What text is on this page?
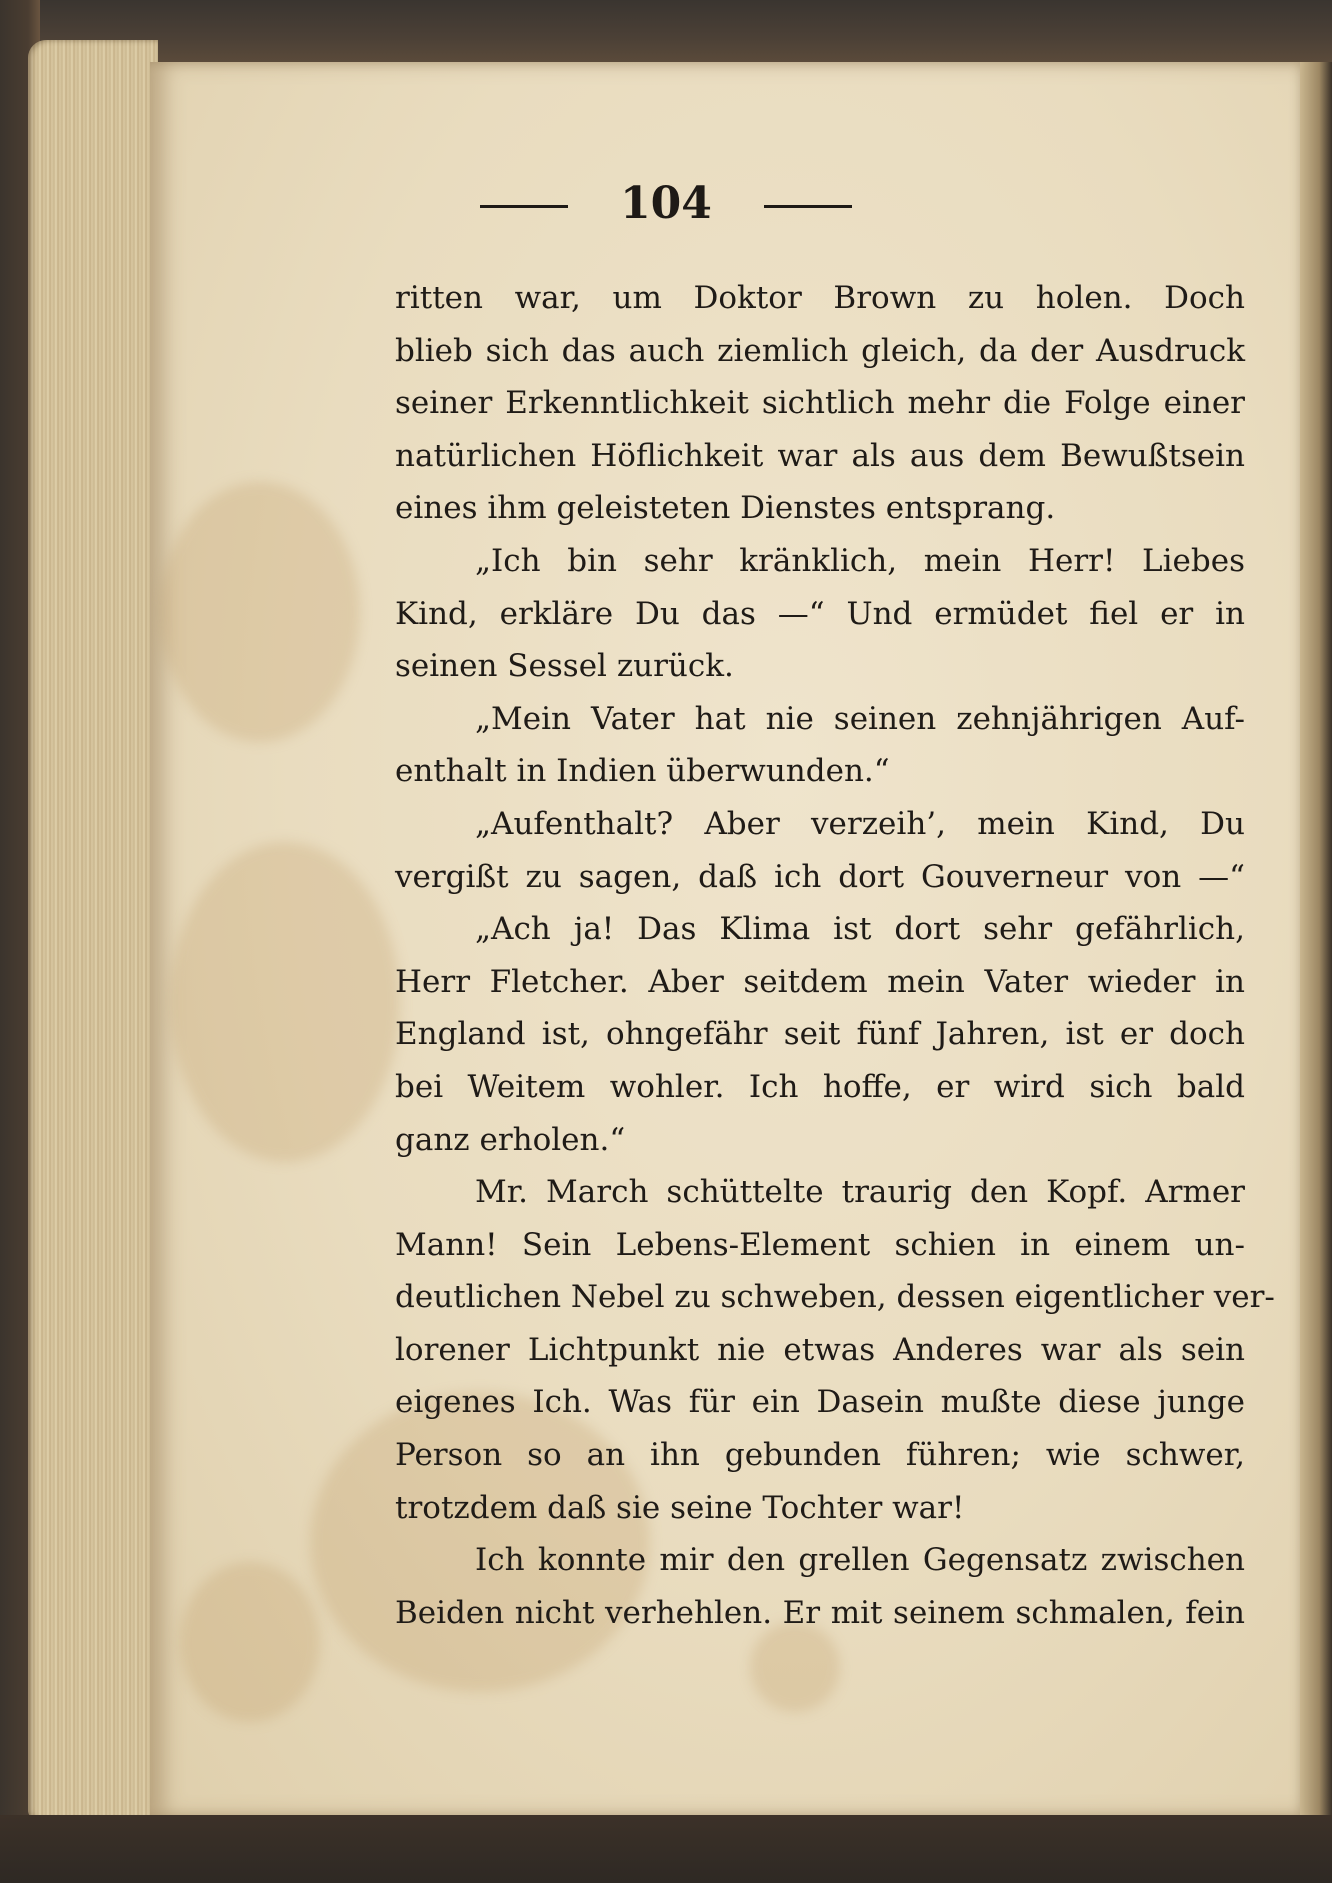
104
ritten war, um Doktor Brown zu holen. Doch
blieb sich das auch ziemlich gleich, da der Ausdruck
seiner Erkenntlichkeit sichtlich mehr die Folge einer
natürlichen Höflichkeit war als aus dem Bewußtsein
eines ihm geleisteten Dienstes entsprang.
„Ich bin sehr kränklich, mein Herr! Liebes
Kind, erkläre Du das —“ Und ermüdet fiel er in
seinen Sessel zurück.
„Mein Vater hat nie seinen zehnjährigen Auf-
enthalt in Indien überwunden.“
„Aufenthalt? Aber verzeih’, mein Kind, Du
vergißt zu sagen, daß ich dort Gouverneur von —“
„Ach ja! Das Klima ist dort sehr gefährlich,
Herr Fletcher. Aber seitdem mein Vater wieder in
England ist, ohngefähr seit fünf Jahren, ist er doch
bei Weitem wohler. Ich hoffe, er wird sich bald
ganz erholen.“
Mr. March schüttelte traurig den Kopf. Armer
Mann! Sein Lebens-Element schien in einem un-
deutlichen Nebel zu schweben, dessen eigentlicher ver-
lorener Lichtpunkt nie etwas Anderes war als sein
eigenes Ich. Was für ein Dasein mußte diese junge
Person so an ihn gebunden führen; wie schwer,
trotzdem daß sie seine Tochter war!
Ich konnte mir den grellen Gegensatz zwischen
Beiden nicht verhehlen. Er mit seinem schmalen, fein
